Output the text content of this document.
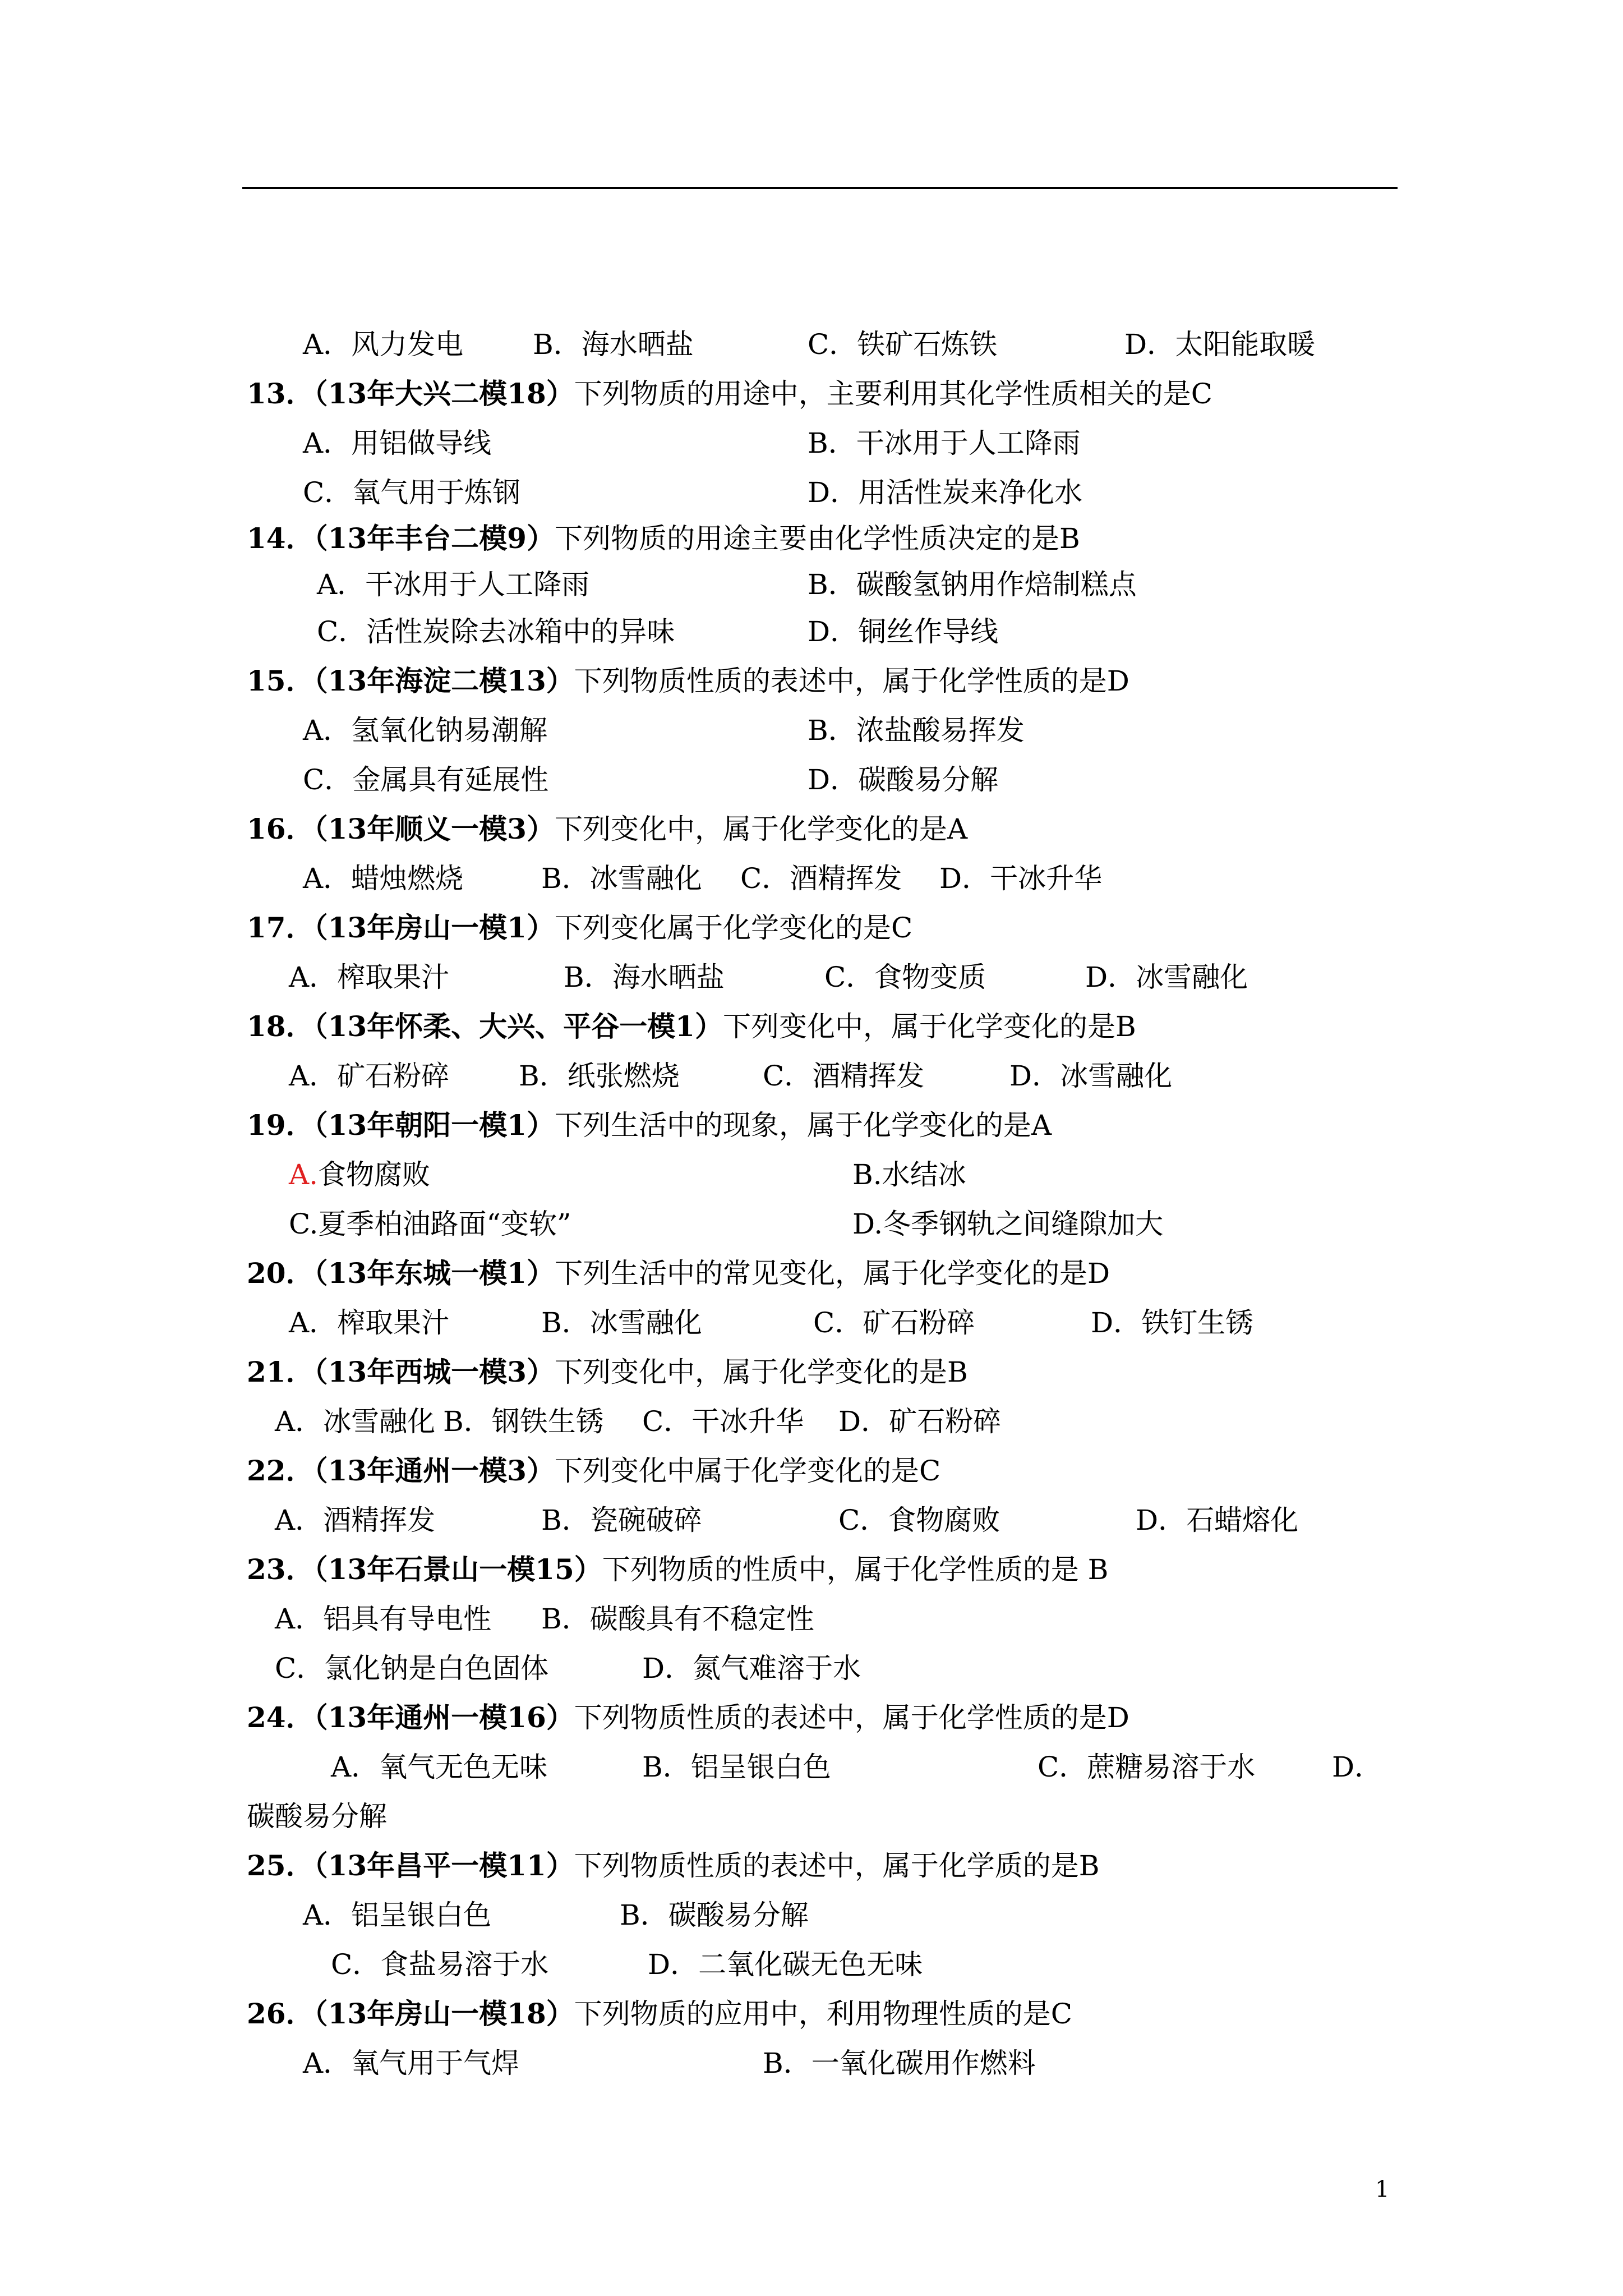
A．风力发电 B．海水晒盐	C．铁矿石炼铁	D．太阳能取暖
13．（13年大兴二模18）下列物质的用途中，主要利用其化学性质相关的是C
A．用铝做导线	B．干冰用于人工降雨
C．氧气用于炼钢	D．用活性炭来净化水
14．（13年丰台二模9）下列物质的用途主要由化学性质决定的是B
A．干冰用于人工降雨	B．碳酸氢钠用作焙制糕点
C．活性炭除去冰箱中的异味	D．铜丝作导线
15．（13年海淀二模13）下列物质性质的表述中，属于化学性质的是D
A．氢氧化钠易潮解	B．浓盐酸易挥发
C．金属具有延展性	D．碳酸易分解
16．（13年顺义一模3）下列变化中，属于化学变化的是A
A．蜡烛燃烧	B．冰雪融化 C．酒精挥发 D．干冰升华
17．（13年房山一模1）下列变化属于化学变化的是C
A．榨取果汁	B．海水晒盐	C．食物变质	D．冰雪融化
18．（13年怀柔、大兴、平谷一模1）下列变化中，属于化学变化的是B
A．矿石粉碎 B．纸张燃烧	C．酒精挥发	D．冰雪融化
19．（13年朝阳一模1）下列生活中的现象，属于化学变化的是A
A.食物腐败	B.水结冰
C.夏季柏油路面“变软”	D.冬季钢轨之间缝隙加大
20．（13年东城一模1）下列生活中的常见变化，属于化学变化的是D
A．榨取果汁	B．冰雪融化	C．矿石粉碎	D．铁钉生锈
21．（13年西城一模3）下列变化中，属于化学变化的是B
A．冰雪融化 B．钢铁生锈 C．干冰升华 D．矿石粉碎
22．（13年通州一模3）下列变化中属于化学变化的是C
A．酒精挥发	B．瓷碗破碎	C．食物腐败	D．石蜡熔化
23．（13年石景山一模15）下列物质的性质中，属于化学性质的是 B
A．铝具有导电性 B．碳酸具有不稳定性
C．氯化钠是白色固体	D．氮气难溶于水
24．（13年通州一模16）下列物质性质的表述中，属于化学性质的是D
A．氧气无色无味	B．铝呈银白色	C．蔗糖易溶于水	D．
碳酸易分解
25．（13年昌平一模11）下列物质性质的表述中，属于化学质的是B
A．铝呈银白色	B．碳酸易分解
C．食盐易溶于水	D．二氧化碳无色无味
26．（13年房山一模18）下列物质的应用中，利用物理性质的是C
A．氧气用于气焊	B．一氧化碳用作燃料
1
